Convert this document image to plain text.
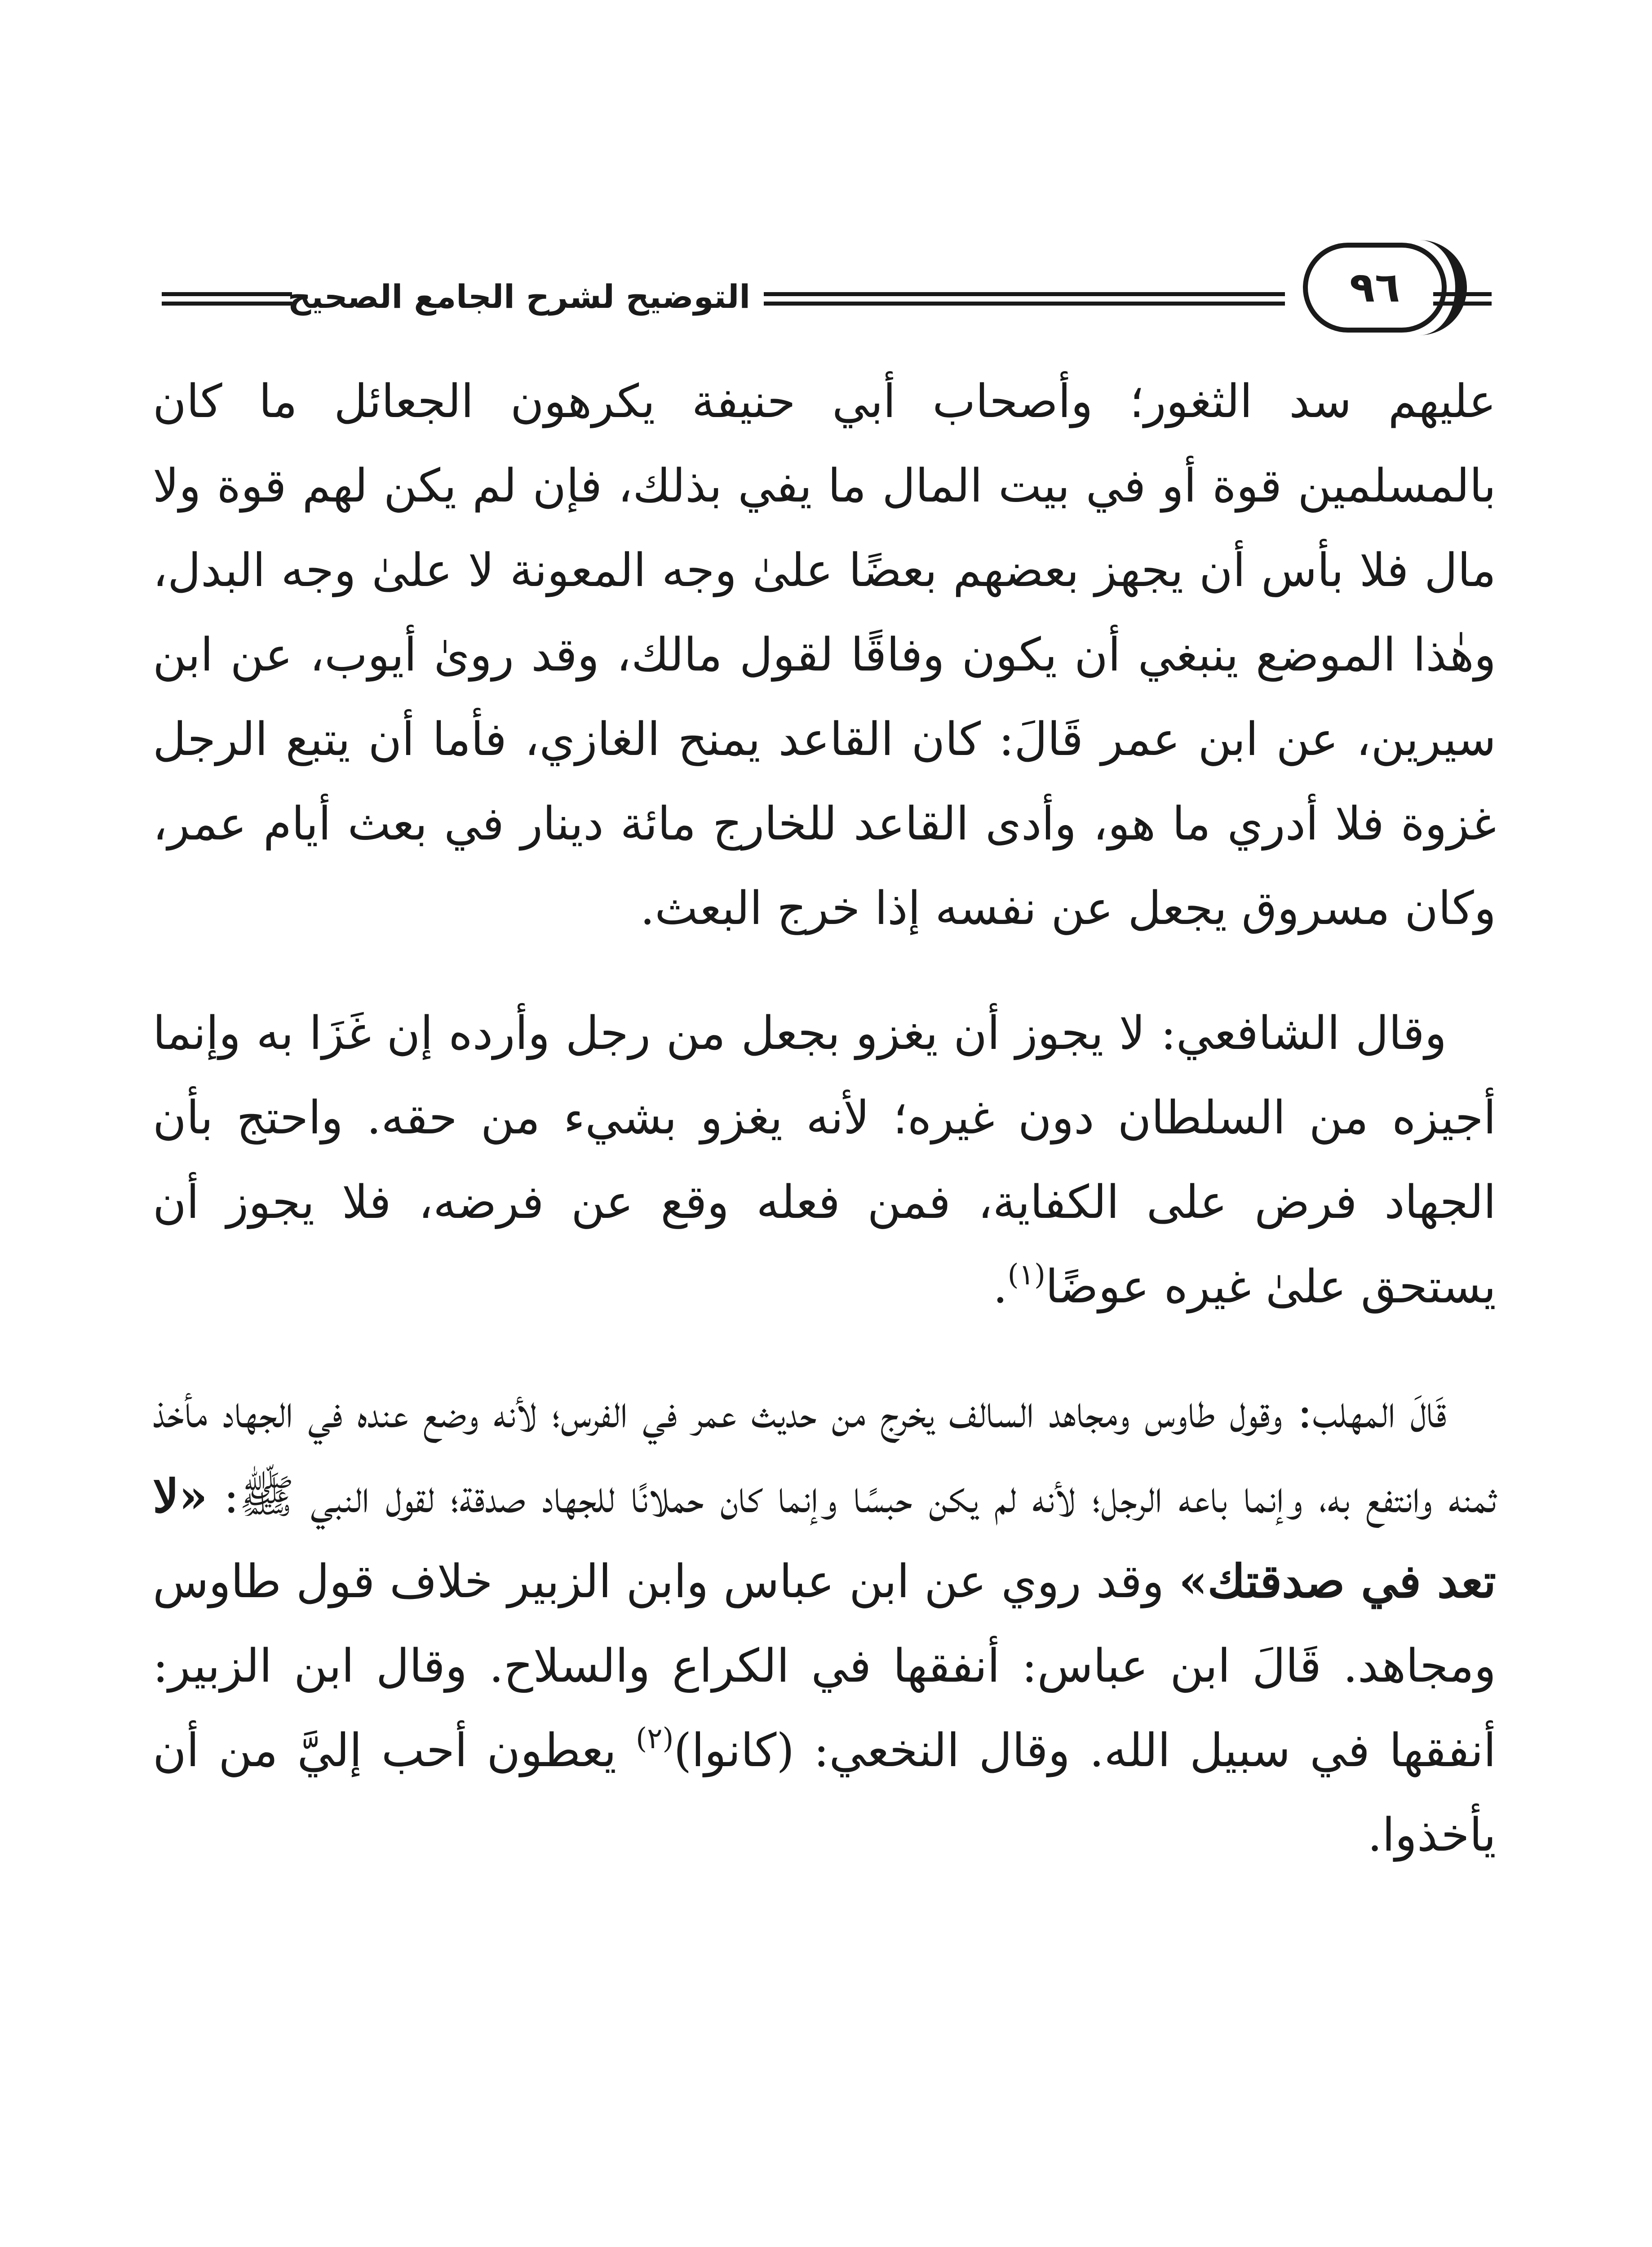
التوضيح لشرح الجامع الصحيح	٩٦

عليهم سد الثغور؛ وأصحاب أبي حنيفة يكرهون الجعائل ما كان بالمسلمين قوة أو في بيت المال ما يفي بذلك، فإن لم يكن لهم قوة ولا مال فلا بأس أن يجهز بعضهم بعضًا علىٰ وجه المعونة لا علىٰ وجه البدل، وهٰذا الموضع ينبغي أن يكون وفاقًا لقول مالك، وقد روىٰ أيوب، عن ابن سيرين، عن ابن عمر قَالَ: كان القاعد يمنح الغازي، فأما أن يتبع الرجل غزوة فلا أدري ما هو، وأدى القاعد للخارج مائة دينار في بعث أيام عمر، وكان مسروق يجعل عن نفسه إذا خرج البعث.

وقال الشافعي: لا يجوز أن يغزو بجعل من رجل وأرده إن غَزَا به وإنما أجيزه من السلطان دون غيره؛ لأنه يغزو بشيء من حقه. واحتج بأن الجهاد فرض على الكفاية، فمن فعله وقع عن فرضه، فلا يجوز أن يستحق علىٰ غيره عوضًا$^{(١)}$.

قَالَ المهلب: وقول طاوس ومجاهد السالف يخرج من حديث عمر في الفرس؛ لأنه وضع عنده في الجهاد مأخذ ثمنه وانتفع به، وإنما باعه الرجل؛ لأنه لم يكن حبسًا وإنما كان حملانًا للجهاد صدقة؛ لقول النبي ﷺ: «لا تعد في صدقتك» وقد روي عن ابن عباس وابن الزبير خلاف قول طاوس ومجاهد. قَالَ ابن عباس: أنفقها في الكراع والسلاح. وقال ابن الزبير: أنفقها في سبيل الله. وقال النخعي: (كانوا)$^{(٢)}$ يعطون أحب إليَّ من أن يأخذوا.
